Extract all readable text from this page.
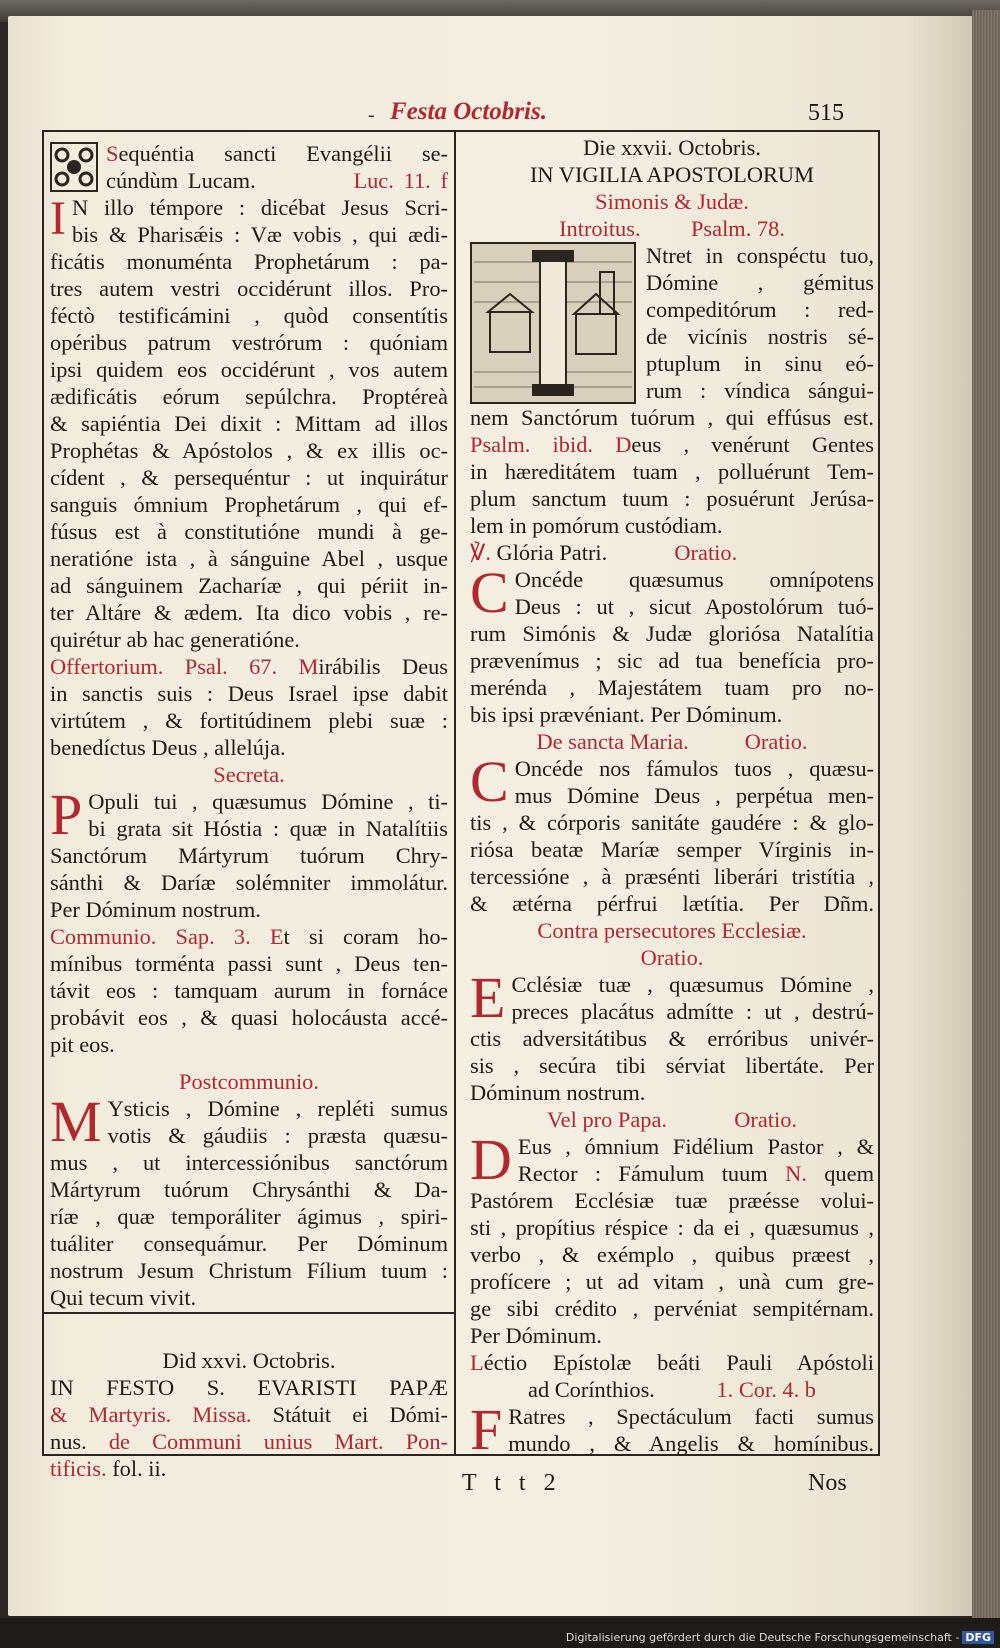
- Festa Octobris.	515
Sequéntia sancti Evangélii se-
cúndùm Lucam.	Luc. 11. f
I N illo témpore : dicébat Jesus Scri-
bis & Pharisǽis : Væ vobis , qui ædi-
ficátis monuménta Prophetárum : pa-
tres autem vestri occidérunt illos. Pro-
féctò testificámini , quòd consentítis
opéribus patrum vestrórum : quóniam
ipsi quidem eos occidérunt , vos autem
ædificátis eórum sepúlchra. Proptéreà
& sapiéntia Dei dixit : Mittam ad illos
Prophétas & Apóstolos , & ex illis oc-
cídent , & persequéntur : ut inquirátur
sanguis ómnium Prophetárum , qui ef-
fúsus est à constitutióne mundi à ge-
neratióne ista , à sánguine Abel , usque
ad sánguinem Zacharíæ , qui périit in-
ter Altáre & ædem. Ita dico vobis , re-
quirétur ab hac generatióne.
Offertorium. Psal. 67. Mirábilis Deus
in sanctis suis : Deus Israel ipse dabit
virtútem , & fortitúdinem plebi suæ :
benedíctus Deus , allelúja.
Secreta.
P Opuli tui , quæsumus Dómine , ti-
bi grata sit Hóstia : quæ in Natalítiis
Sanctórum Mártyrum tuórum Chry-
sánthi & Daríæ solémniter immolátur.
Per Dóminum nostrum.
Communio. Sap. 3. Et si coram ho-
mínibus torménta passi sunt , Deus ten-
távit eos : tamquam aurum in fornáce
probávit eos , & quasi holocáusta accé-
pit eos.
Postcommunio.
M Ysticis , Dómine , repléti sumus
votis & gáudiis : præsta quæsu-
mus , ut intercessiónibus sanctórum
Mártyrum tuórum Chrysánthi & Da-
ríæ , quæ temporáliter ágimus , spiri-
tuáliter consequámur. Per Dóminum
nostrum Jesum Christum Fílium tuum :
Qui tecum vivit.
Did xxvi. Octobris.
IN FESTO S. EVARISTI PAPÆ
& Martyris. Missa. Státuit ei Dómi-
nus. de Communi unius Mart. Pon-
tificis. fol. ii.
Die xxvii. Octobris.
IN VIGILIA APOSTOLORUM
Simonis & Judæ.
Introitus. Psalm. 78.
Ntret in conspéctu tuo,
Dómine , gémitus
compeditórum : red-
de vicínis nostris sé-
ptuplum in sinu eó-
rum : víndica sángui-
nem Sanctórum tuórum , qui effúsus est.
Psalm. ibid. Deus , venérunt Gentes
in hæreditátem tuam , polluérunt Tem-
plum sanctum tuum : posuérunt Jerúsa-
lem in pomórum custódiam.
℣. Glória Patri.	Oratio.
C Oncéde quæsumus omnípotens
Deus : ut , sicut Apostolórum tuó-
rum Simónis & Judæ gloriósa Natalítia
prævenímus ; sic ad tua benefícia pro-
merénda , Majestátem tuam pro no-
bis ipsi prævéniant. Per Dóminum.
De sancta Maria. Oratio.
C Oncéde nos fámulos tuos , quæsu-
mus Dómine Deus , perpétua men-
tis , & córporis sanitáte gaudére : & glo-
riósa beatæ Maríæ semper Vírginis in-
tercessióne , à præsénti liberári tristítia ,
& ætérna pérfrui lætítia. Per Dñm.
Contra persecutores Ecclesiæ.
Oratio.
E Cclésiæ tuæ , quæsumus Dómine ,
preces placátus admítte : ut , destrú-
ctis adversitátibus & erróribus univér-
sis , secúra tibi sérviat libertáte. Per
Dóminum nostrum.
Vel pro Papa.	Oratio.
D Eus , ómnium Fidélium Pastor , &
Rector : Fámulum tuum N. quem
Pastórem Ecclésiæ tuæ præésse volui-
sti , propítius réspice : da ei , quæsumus ,
verbo , & exémplo , quibus præest ,
profícere ; ut ad vitam , unà cum gre-
ge sibi crédito , pervéniat sempitérnam.
Per Dóminum.
Léctio Epístolæ beáti Pauli Apóstoli
ad Corínthios.	1. Cor. 4. b
F Ratres , Spectáculum facti sumus
mundo , & Angelis & homínibus.
T t t 2	Nos
Digitalisierung gefördert durch die Deutsche Forschungsgemeinschaft - DFG
